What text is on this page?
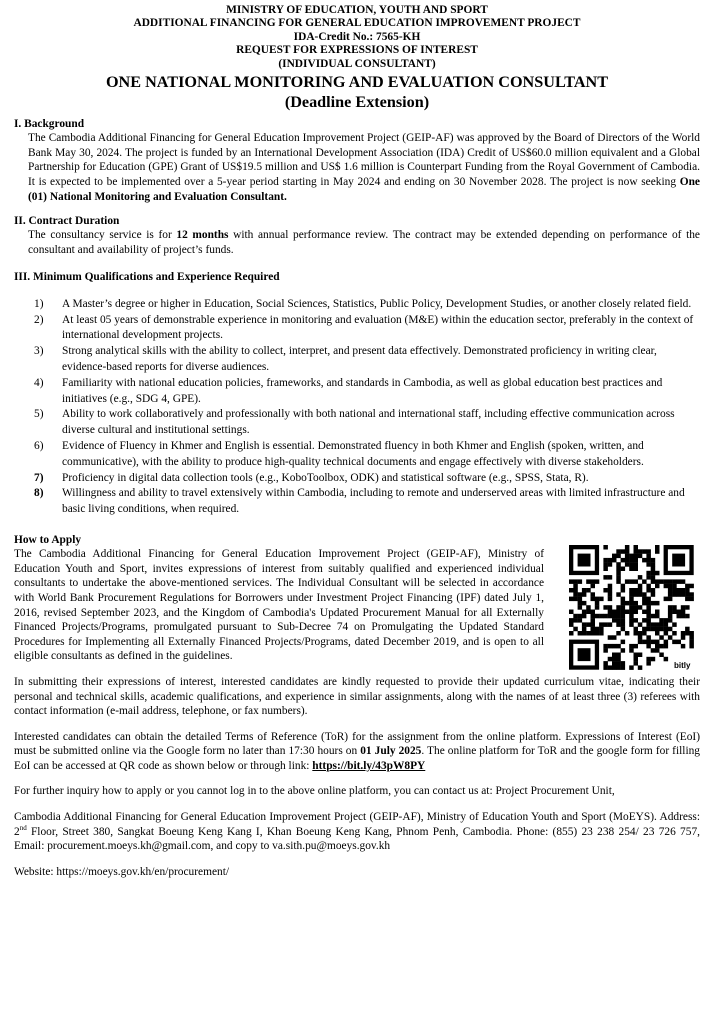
MINISTRY OF EDUCATION, YOUTH AND SPORT
ADDITIONAL FINANCING FOR GENERAL EDUCATION IMPROVEMENT PROJECT
IDA-Credit No.: 7565-KH
REQUEST FOR EXPRESSIONS OF INTEREST
(INDIVIDUAL CONSULTANT)
ONE NATIONAL MONITORING AND EVALUATION CONSULTANT
(Deadline Extension)
I. Background
The Cambodia Additional Financing for General Education Improvement Project (GEIP-AF) was approved by the Board of Directors of the World Bank May 30, 2024. The project is funded by an International Development Association (IDA) Credit of US$60.0 million equivalent and a Global Partnership for Education (GPE) Grant of US$19.5 million and US$ 1.6 million is Counterpart Funding from the Royal Government of Cambodia. It is expected to be implemented over a 5-year period starting in May 2024 and ending on 30 November 2028. The project is now seeking One (01) National Monitoring and Evaluation Consultant.
II. Contract Duration
The consultancy service is for 12 months with annual performance review. The contract may be extended depending on performance of the consultant and availability of project’s funds.
III. Minimum Qualifications and Experience Required
1) A Master’s degree or higher in Education, Social Sciences, Statistics, Public Policy, Development Studies, or another closely related field.
2) At least 05 years of demonstrable experience in monitoring and evaluation (M&E) within the education sector, preferably in the context of international development projects.
3) Strong analytical skills with the ability to collect, interpret, and present data effectively. Demonstrated proficiency in writing clear, evidence-based reports for diverse audiences.
4) Familiarity with national education policies, frameworks, and standards in Cambodia, as well as global education best practices and initiatives (e.g., SDG 4, GPE).
5) Ability to work collaboratively and professionally with both national and international staff, including effective communication across diverse cultural and institutional settings.
6) Evidence of Fluency in Khmer and English is essential. Demonstrated fluency in both Khmer and English (spoken, written, and communicative), with the ability to produce high-quality technical documents and engage effectively with diverse stakeholders.
7) Proficiency in digital data collection tools (e.g., KoboToolbox, ODK) and statistical software (e.g., SPSS, Stata, R).
8) Willingness and ability to travel extensively within Cambodia, including to remote and underserved areas with limited infrastructure and basic living conditions, when required.
How to Apply
The Cambodia Additional Financing for General Education Improvement Project (GEIP-AF), Ministry of Education Youth and Sport, invites expressions of interest from suitably qualified and experienced individual consultants to undertake the above-mentioned services. The Individual Consultant will be selected in accordance with World Bank Procurement Regulations for Borrowers under Investment Project Financing (IPF) dated July 1, 2016, revised September 2023, and the Kingdom of Cambodia's Updated Procurement Manual for all Externally Financed Projects/Programs, promulgated pursuant to Sub-Decree 74 on Promulgating the Updated Standard Procedures for Implementing all Externally Financed Projects/Programs, dated December 2019, and is open to all eligible consultants as defined in the guidelines.
bitly
In submitting their expressions of interest, interested candidates are kindly requested to provide their updated curriculum vitae, indicating their personal and technical skills, academic qualifications, and experience in similar assignments, along with the names of at least three (3) referees with contact information (e-mail address, telephone, or fax numbers).
Interested candidates can obtain the detailed Terms of Reference (ToR) for the assignment from the online platform. Expressions of Interest (EoI) must be submitted online via the Google form no later than 17:30 hours on 01 July 2025. The online platform for ToR and the google form for filling EoI can be accessed at QR code as shown below or through link: https://bit.ly/43pW8PY
For further inquiry how to apply or you cannot log in to the above online platform, you can contact us at: Project Procurement Unit,
Cambodia Additional Financing for General Education Improvement Project (GEIP-AF), Ministry of Education Youth and Sport (MoEYS). Address: 2nd Floor, Street 380, Sangkat Boeung Keng Kang I, Khan Boeung Keng Kang, Phnom Penh, Cambodia. Phone: (855) 23 238 254/ 23 726 757, Email: procurement.moeys.kh@gmail.com, and copy to va.sith.pu@moeys.gov.kh
Website: https://moeys.gov.kh/en/procurement/
